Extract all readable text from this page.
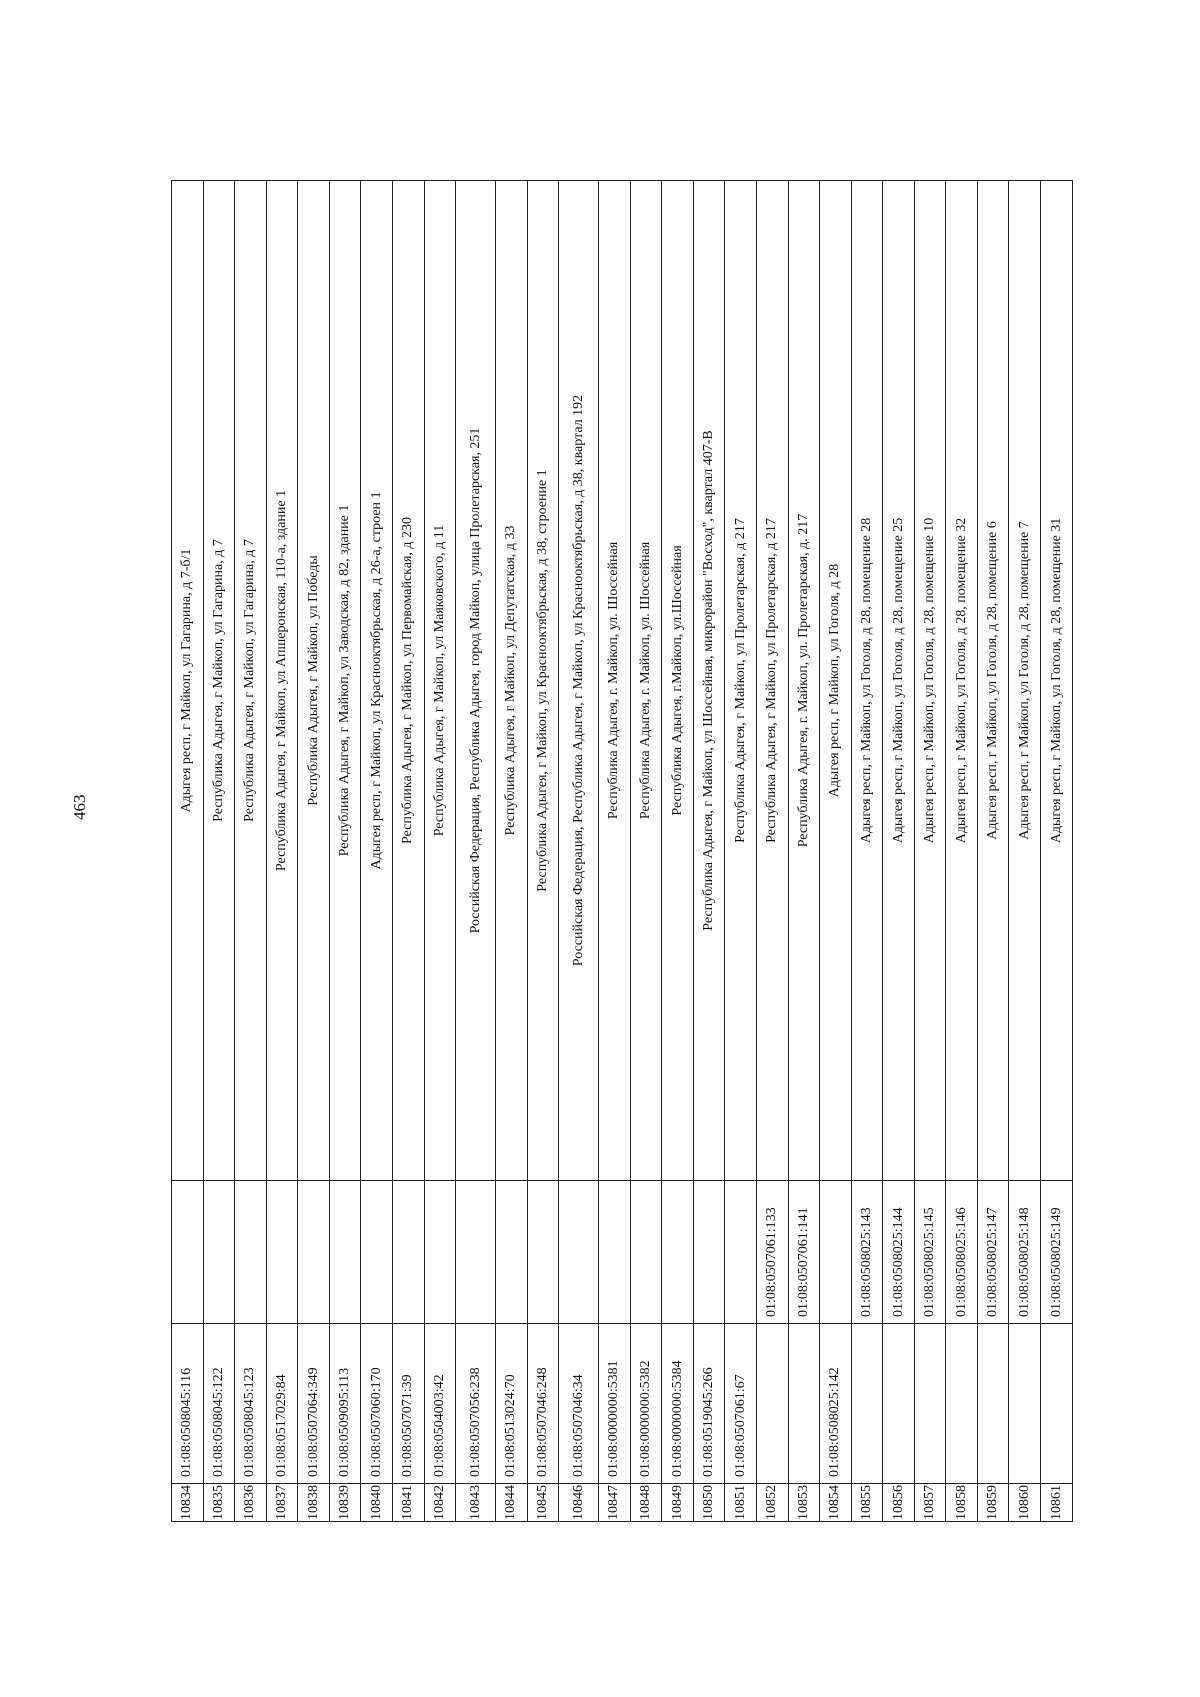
463
10834	01:08:0508045:116		Адыгея респ, г Майкоп, ул Гагарина, д 7-б/1
10835	01:08:0508045:122		Республика Адыгея, г Майкоп, ул Гагарина, д 7
10836	01:08:0508045:123		Республика Адыгея, г Майкоп, ул Гагарина, д 7
10837	01:08:0517029:84		Республика Адыгея, г Майкоп, ул Апшеронская, 110-а, здание 1
10838	01:08:0507064:349		Республика Адыгея, г Майкоп, ул Победы
10839	01:08:0509095:113		Республика Адыгея, г Майкоп, ул Заводская, д 82, здание 1
10840	01:08:0507060:170		Адыгея респ, г Майкоп, ул Краснооктябрьская, д 26-а, строен 1
10841	01:08:0507071:39		Республика Адыгея, г Майкоп, ул Первомайская, д 230
10842	01:08:0504003:42		Республика Адыгея, г Майкоп, ул Маяковского, д 11
10843	01:08:0507056:238		Российская Федерация, Республика Адыгея, город Майкоп, улица Пролетарская, 251
10844	01:08:0513024:70		Республика Адыгея, г Майкоп, ул Депутатская, д 33
10845	01:08:0507046:248		Республика Адыгея, г Майкоп, ул Краснооктябрьская, д 38, строение 1
10846	01:08:0507046:34		Российская Федерация, Республика Адыгея, г Майкоп, ул Краснооктябрьская, д 38, квартал 192
10847	01:08:0000000:5381		Республика Адыгея, г. Майкоп, ул. Шоссейная
10848	01:08:0000000:5382		Республика Адыгея, г. Майкоп, ул. Шоссейная
10849	01:08:0000000:5384		Республика Адыгея, г.Майкоп, ул.Шоссейная
10850	01:08:0519045:266		Республика Адыгея, г Майкоп, ул Шоссейная, микрорайон "Восход", квартал 407-В
10851	01:08:0507061:67		Республика Адыгея, г Майкоп, ул Пролетарская, д 217
10852		01:08:0507061:133	Республика Адыгея, г Майкоп, ул Пролетарская, д 217
10853		01:08:0507061:141	Республика Адыгея, г. Майкоп, ул. Пролетарская, д. 217
10854	01:08:0508025:142		Адыгея респ, г Майкоп, ул Гоголя, д 28
10855		01:08:0508025:143	Адыгея респ, г Майкоп, ул Гоголя, д 28, помещение 28
10856		01:08:0508025:144	Адыгея респ, г Майкоп, ул Гоголя, д 28, помещение 25
10857		01:08:0508025:145	Адыгея респ, г Майкоп, ул Гоголя, д 28, помещение 10
10858		01:08:0508025:146	Адыгея респ, г Майкоп, ул Гоголя, д 28, помещение 32
10859		01:08:0508025:147	Адыгея респ, г Майкоп, ул Гоголя, д 28, помещение 6
10860		01:08:0508025:148	Адыгея респ, г Майкоп, ул Гоголя, д 28, помещение 7
10861		01:08:0508025:149	Адыгея респ, г Майкоп, ул Гоголя, д 28, помещение 31
